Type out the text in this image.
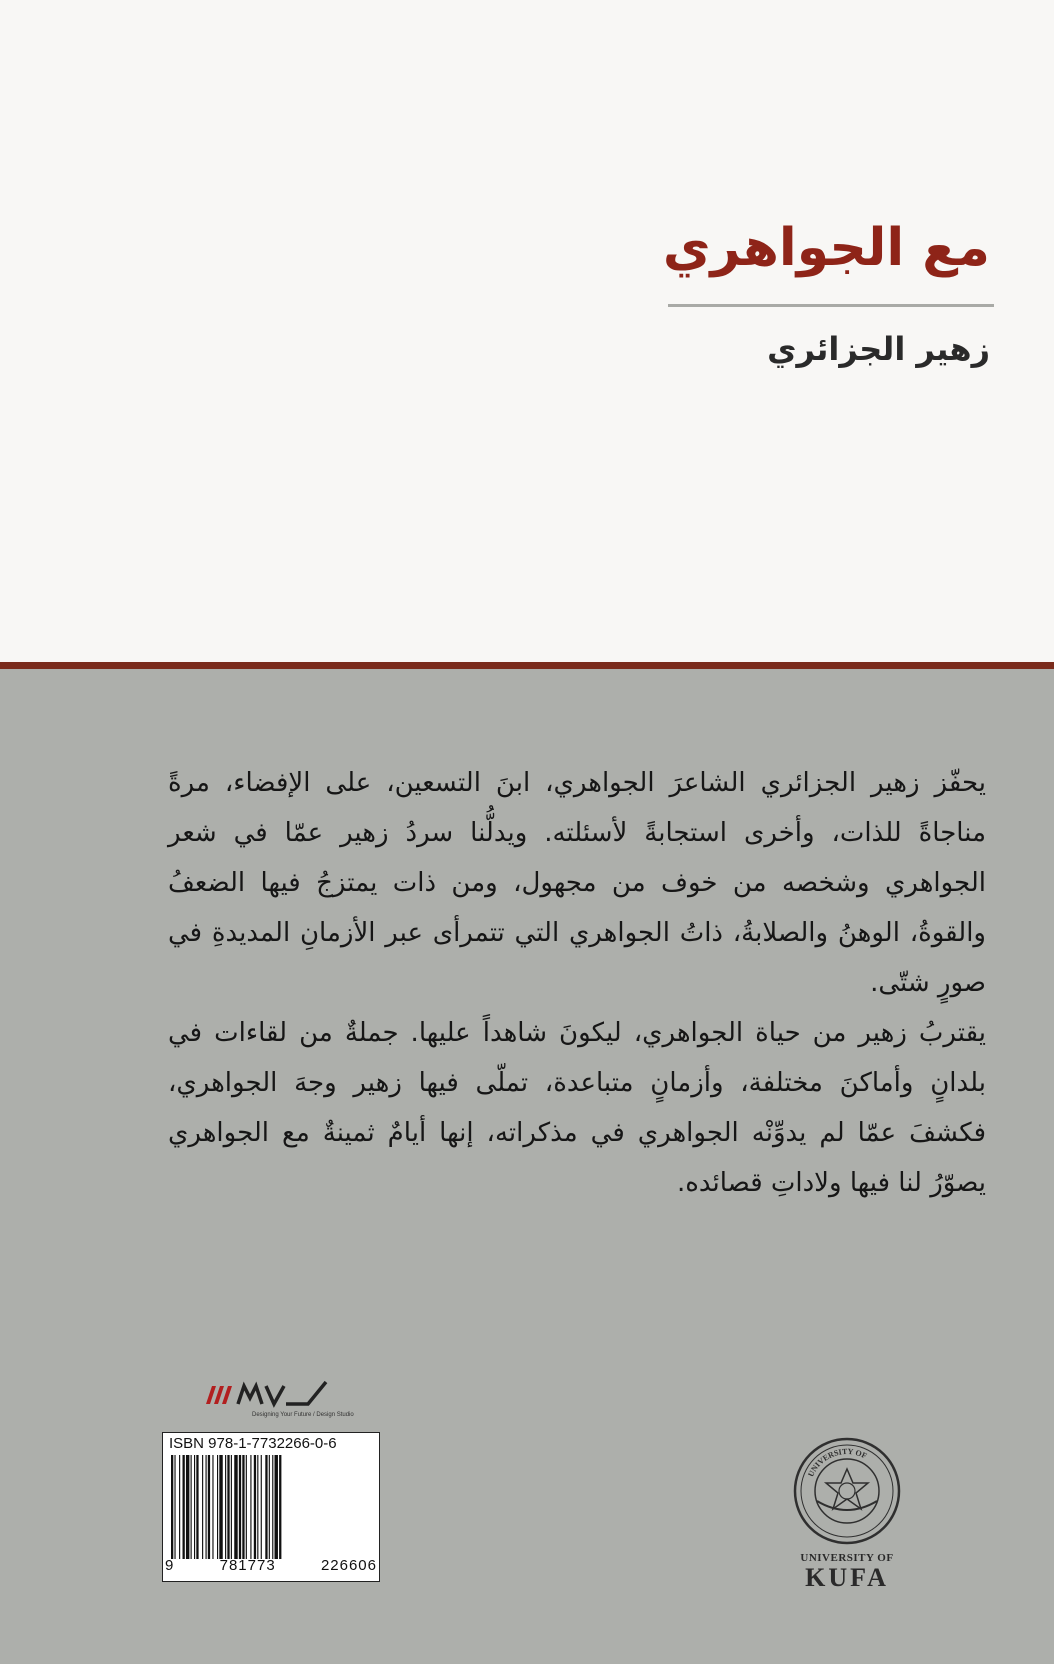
مع الجواهري
زهير الجزائري

يحفّز زهير الجزائري الشاعرَ الجواهري، ابنَ التسعين، على الإفضاء، مرةً مناجاةً للذات، وأخرى استجابةً لأسئلته. ويدلُّنا سردُ زهير عمّا في شعر الجواهري وشخصه من خوف من مجهول، ومن ذات يمتزجُ فيها الضعفُ والقوةُ، الوهنُ والصلابةُ، ذاتُ الجواهري التي تتمرأى عبر الأزمانِ المديدةِ في صورٍ شتّى.

يقتربُ زهير من حياة الجواهري، ليكونَ شاهداً عليها. جملةٌ من لقاءات في بلدانٍ وأماكنَ مختلفة، وأزمانٍ متباعدة، تملّى فيها زهير وجهَ الجواهري، فكشفَ عمّا لم يدوِّنْه الجواهري في مذكراته، إنها أيامٌ ثمينةٌ مع الجواهري يصوّرُ لنا فيها ولاداتِ قصائده.

Designing Your Future / Design Studio
ISBN 978-1-7732266-0-6
9	781773	226606
UNIVERSITY OF
UNIVERSITY OF
KUFA
